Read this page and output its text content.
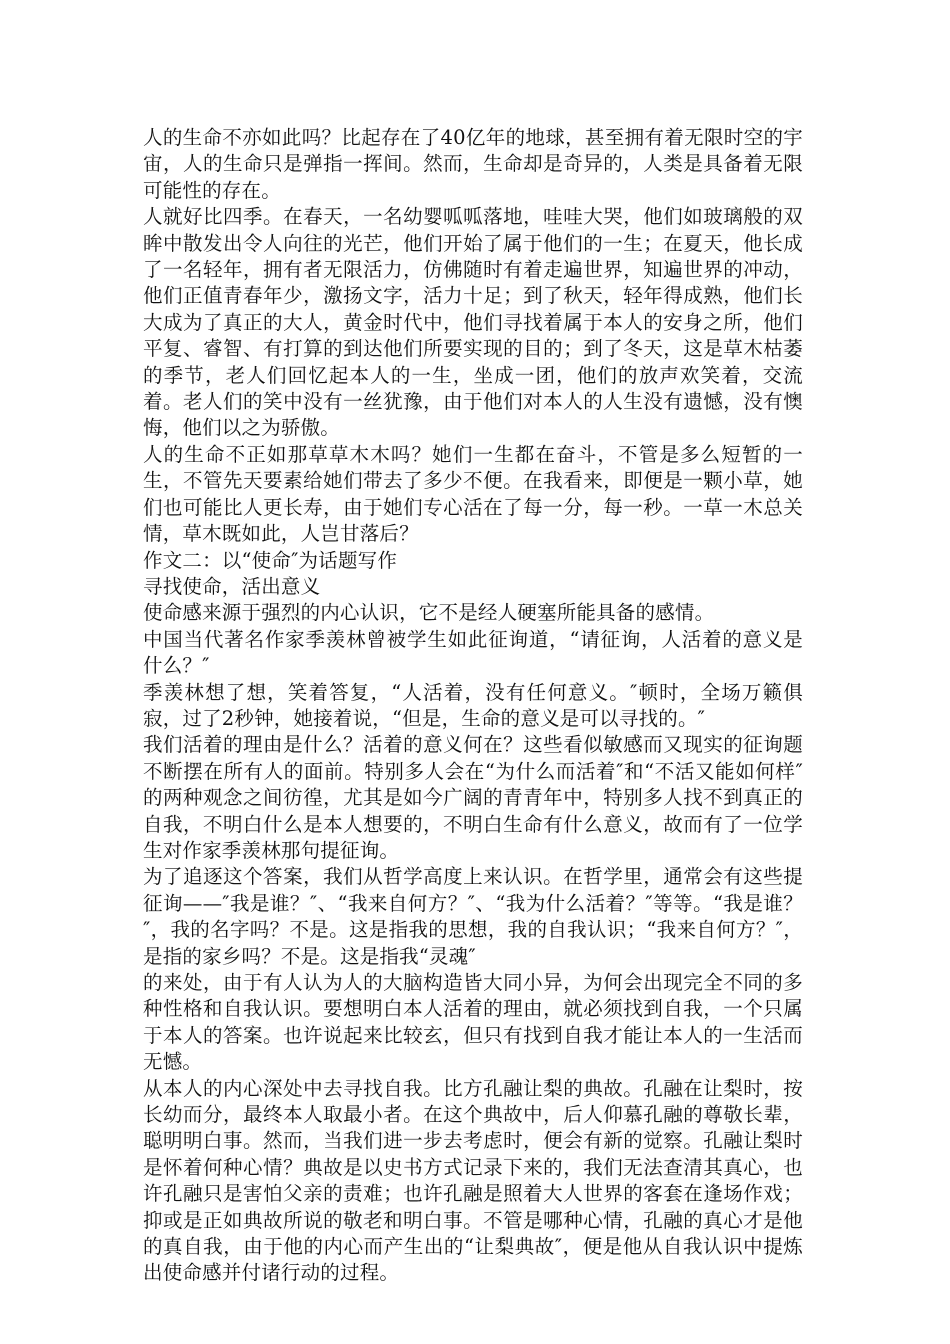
人的生命不亦如此吗？比起存在了40亿年的地球，甚至拥有着无限时空的宇宙，人的生命只是弹指一挥间。然而，生命却是奇异的，人类是具备着无限可能性的存在。

人就好比四季。在春天，一名幼婴呱呱落地，哇哇大哭，他们如玻璃般的双眸中散发出令人向往的光芒，他们开始了属于他们的一生；在夏天，他长成了一名轻年，拥有者无限活力，仿佛随时有着走遍世界，知遍世界的冲动，他们正值青春年少，激扬文字，活力十足；到了秋天，轻年得成熟，他们长大成为了真正的大人，黄金时代中，他们寻找着属于本人的安身之所，他们平复、睿智、有打算的到达他们所要实现的目的；到了冬天，这是草木枯萎的季节，老人们回忆起本人的一生，坐成一团，他们的放声欢笑着，交流着。老人们的笑中没有一丝犹豫，由于他们对本人的人生没有遗憾，没有懊悔，他们以之为骄傲。

人的生命不正如那草草木木吗？她们一生都在奋斗，不管是多么短暂的一生，不管先天要素给她们带去了多少不便。在我看来，即便是一颗小草，她们也可能比人更长寿，由于她们专心活在了每一分，每一秒。一草一木总关情，草木既如此，人岂甘落后？

作文二：以“使命″为话题写作

寻找使命，活出意义

使命感来源于强烈的内心认识，它不是经人硬塞所能具备的感情。

中国当代著名作家季羡林曾被学生如此征询道，“请征询，人活着的意义是什么？″

季羡林想了想，笑着答复，“人活着，没有任何意义。″顿时，全场万籁俱寂，过了2秒钟，她接着说，“但是，生命的意义是可以寻找的。″

我们活着的理由是什么？活着的意义何在？这些看似敏感而又现实的征询题不断摆在所有人的面前。特别多人会在“为什么而活着″和“不活又能如何样″的两种观念之间彷徨，尤其是如今广阔的青青年中，特别多人找不到真正的自我，不明白什么是本人想要的，不明白生命有什么意义，故而有了一位学生对作家季羡林那句提征询。

为了追逐这个答案，我们从哲学高度上来认识。在哲学里，通常会有这些提征询——″我是谁？″、“我来自何方？″、“我为什么活着？″等等。“我是谁？″，我的名字吗？不是。这是指我的思想，我的自我认识；“我来自何方？″，是指的家乡吗？不是。这是指我“灵魂″

的来处，由于有人认为人的大脑构造皆大同小异，为何会出现完全不同的多种性格和自我认识。要想明白本人活着的理由，就必须找到自我，一个只属于本人的答案。也许说起来比较玄，但只有找到自我才能让本人的一生活而无憾。

从本人的内心深处中去寻找自我。比方孔融让梨的典故。孔融在让梨时，按长幼而分，最终本人取最小者。在这个典故中，后人仰慕孔融的尊敬长辈，聪明明白事。然而，当我们进一步去考虑时，便会有新的觉察。孔融让梨时是怀着何种心情？典故是以史书方式记录下来的，我们无法查清其真心，也许孔融只是害怕父亲的责难；也许孔融是照着大人世界的客套在逢场作戏；抑或是正如典故所说的敬老和明白事。不管是哪种心情，孔融的真心才是他的真自我，由于他的内心而产生出的“让梨典故″，便是他从自我认识中提炼出使命感并付诸行动的过程。
